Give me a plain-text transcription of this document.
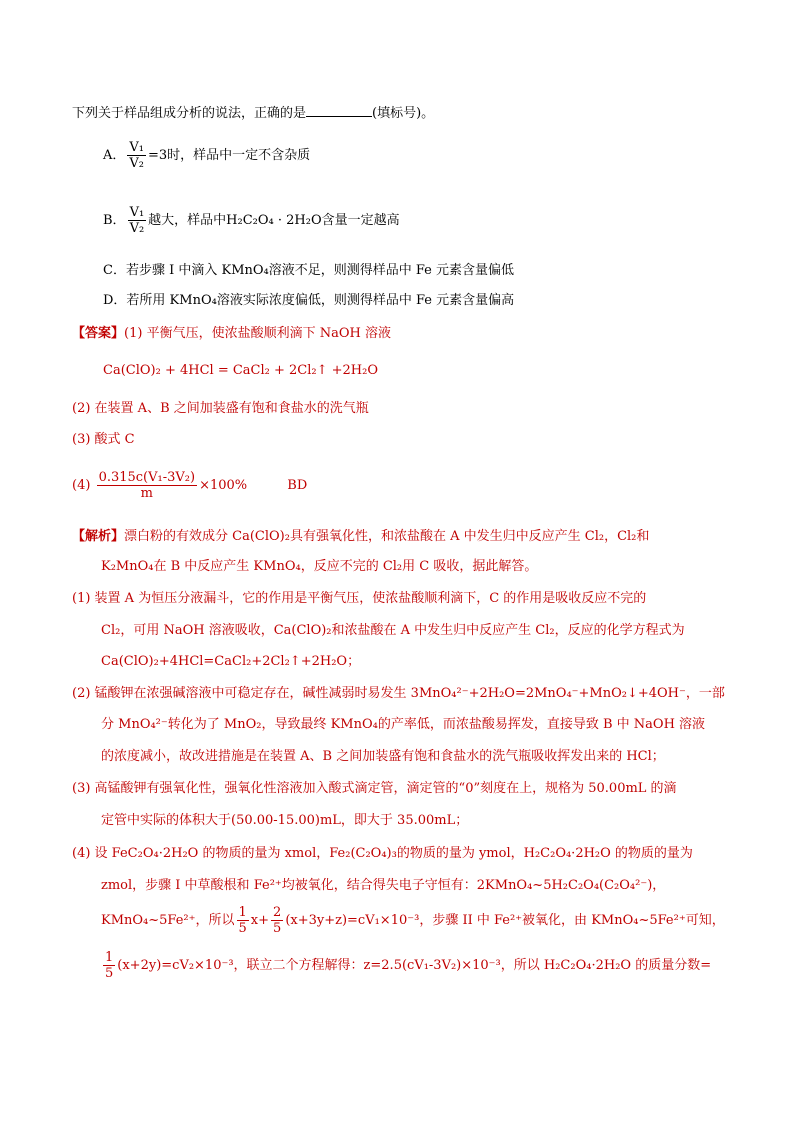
下列关于样品组成分析的说法，正确的是	(填标号)。
A． $\frac{\text{V₁}}{\text{V₂}} =3$时，样品中一定不含杂质
B． $\frac{\text{V₁}}{\text{V₂}}$ 越大，样品中H₂C₂O₄ · 2H₂O含量一定越高
C．若步骤 I 中滴入 KMnO₄溶液不足，则测得样品中 Fe 元素含量偏低
D．若所用 KMnO₄溶液实际浓度偏低，则测得样品中 Fe 元素含量偏高
【答案】(1) 平衡气压，使浓盐酸顺利滴下 NaOH 溶液
Ca(ClO)₂ + 4HCl = CaCl₂ + 2Cl₂↑ +2H₂O
(2) 在装置 A、B 之间加装盛有饱和食盐水的洗气瓶
(3) 酸式 C
$(4) \frac{\text{0.315c(V₁-3V₂)}}{m} \times 100\%$	BD
【解析】漂白粉的有效成分 Ca(ClO)₂具有强氧化性，和浓盐酸在 A 中发生归中反应产生 Cl₂，Cl₂和
K₂MnO₄在 B 中反应产生 KMnO₄，反应不完的 Cl₂用 C 吸收，据此解答。
(1) 装置 A 为恒压分液漏斗，它的作用是平衡气压，使浓盐酸顺利滴下，C 的作用是吸收反应不完的
Cl₂，可用 NaOH 溶液吸收，Ca(ClO)₂和浓盐酸在 A 中发生归中反应产生 Cl₂，反应的化学方程式为
Ca(ClO)₂+4HCl=CaCl₂+2Cl₂↑+2H₂O；
(2) 锰酸钾在浓强碱溶液中可稳定存在，碱性减弱时易发生 3MnO₄²⁻+2H₂O=2MnO₄⁻+MnO₂↓+4OH⁻，一部
分 MnO₄²⁻转化为了 MnO₂，导致最终 KMnO₄的产率低，而浓盐酸易挥发，直接导致 B 中 NaOH 溶液
的浓度减小，故改进措施是在装置 A、B 之间加装盛有饱和食盐水的洗气瓶吸收挥发出来的 HCl；
(3) 高锰酸钾有强氧化性，强氧化性溶液加入酸式滴定管，滴定管的“0”刻度在上，规格为 50.00mL 的滴
定管中实际的体积大于(50.00-15.00)mL，即大于 35.00mL；
(4) 设 FeC₂O₄·2H₂O 的物质的量为 xmol，Fe₂(C₂O₄)₃的物质的量为 ymol，H₂C₂O₄·2H₂O 的物质的量为
zmol，步骤 I 中草酸根和 Fe²⁺均被氧化，结合得失电子守恒有：2KMnO₄~5H₂C₂O₄(C₂O₄²⁻)，
KMnO₄~5Fe²⁺，所以 $\frac{1}{5} x+ \frac{2}{5} (x+3y+z)=cV_1\times 10^{-3}$，步骤 II 中 Fe²⁺被氧化，由 KMnO₄~5Fe²⁺可知，
$\frac{1}{5} (x+2y)=cV_2\times 10^{-3}$，联立二个方程解得：z=2.5(cV₁-3V₂)×10⁻³，所以 H₂C₂O₄·2H₂O 的质量分数=
